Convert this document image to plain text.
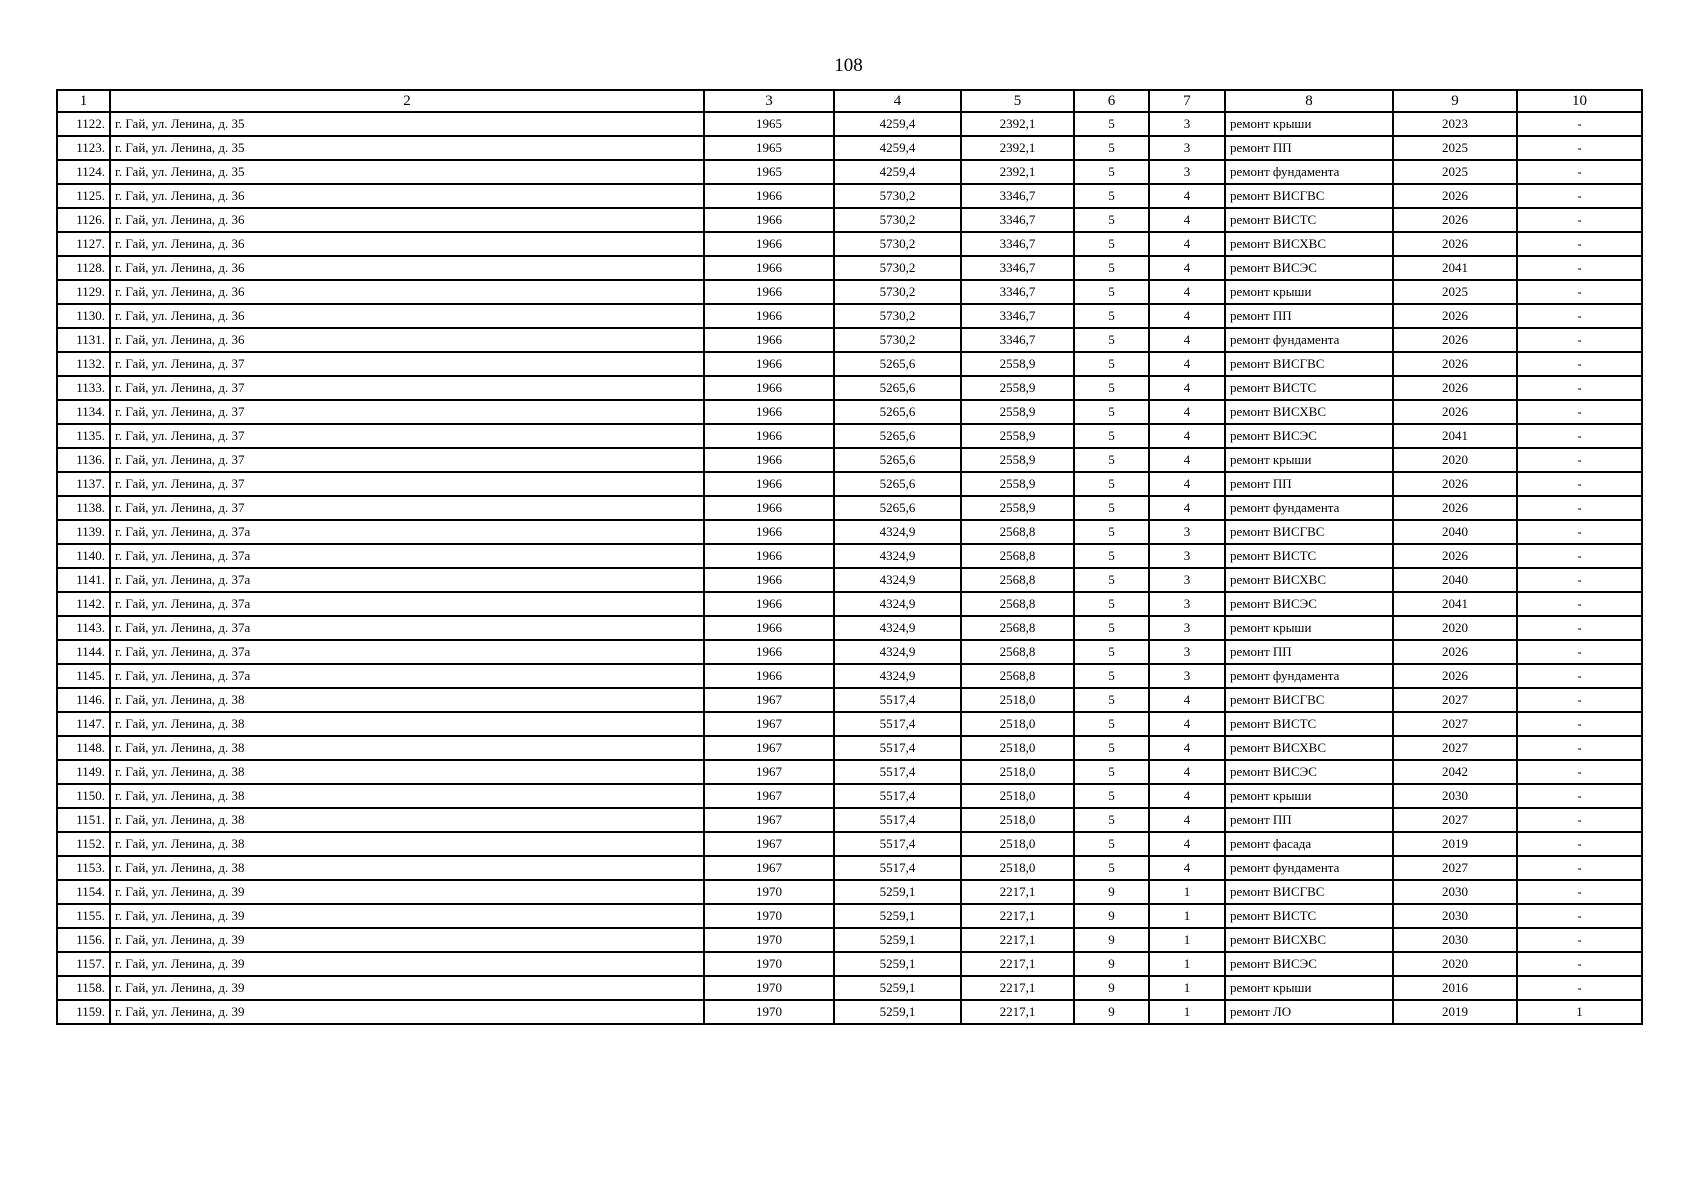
108
1	2	3	4	5	6	7	8	9	10
1122.	г. Гай, ул. Ленина, д. 35	1965	4259,4	2392,1	5	3	ремонт крыши	2023	-
1123.	г. Гай, ул. Ленина, д. 35	1965	4259,4	2392,1	5	3	ремонт ПП	2025	-
1124.	г. Гай, ул. Ленина, д. 35	1965	4259,4	2392,1	5	3	ремонт фундамента	2025	-
1125.	г. Гай, ул. Ленина, д. 36	1966	5730,2	3346,7	5	4	ремонт ВИСГВС	2026	-
1126.	г. Гай, ул. Ленина, д. 36	1966	5730,2	3346,7	5	4	ремонт ВИСТС	2026	-
1127.	г. Гай, ул. Ленина, д. 36	1966	5730,2	3346,7	5	4	ремонт ВИСХВС	2026	-
1128.	г. Гай, ул. Ленина, д. 36	1966	5730,2	3346,7	5	4	ремонт ВИСЭС	2041	-
1129.	г. Гай, ул. Ленина, д. 36	1966	5730,2	3346,7	5	4	ремонт крыши	2025	-
1130.	г. Гай, ул. Ленина, д. 36	1966	5730,2	3346,7	5	4	ремонт ПП	2026	-
1131.	г. Гай, ул. Ленина, д. 36	1966	5730,2	3346,7	5	4	ремонт фундамента	2026	-
1132.	г. Гай, ул. Ленина, д. 37	1966	5265,6	2558,9	5	4	ремонт ВИСГВС	2026	-
1133.	г. Гай, ул. Ленина, д. 37	1966	5265,6	2558,9	5	4	ремонт ВИСТС	2026	-
1134.	г. Гай, ул. Ленина, д. 37	1966	5265,6	2558,9	5	4	ремонт ВИСХВС	2026	-
1135.	г. Гай, ул. Ленина, д. 37	1966	5265,6	2558,9	5	4	ремонт ВИСЭС	2041	-
1136.	г. Гай, ул. Ленина, д. 37	1966	5265,6	2558,9	5	4	ремонт крыши	2020	-
1137.	г. Гай, ул. Ленина, д. 37	1966	5265,6	2558,9	5	4	ремонт ПП	2026	-
1138.	г. Гай, ул. Ленина, д. 37	1966	5265,6	2558,9	5	4	ремонт фундамента	2026	-
1139.	г. Гай, ул. Ленина, д. 37а	1966	4324,9	2568,8	5	3	ремонт ВИСГВС	2040	-
1140.	г. Гай, ул. Ленина, д. 37а	1966	4324,9	2568,8	5	3	ремонт ВИСТС	2026	-
1141.	г. Гай, ул. Ленина, д. 37а	1966	4324,9	2568,8	5	3	ремонт ВИСХВС	2040	-
1142.	г. Гай, ул. Ленина, д. 37а	1966	4324,9	2568,8	5	3	ремонт ВИСЭС	2041	-
1143.	г. Гай, ул. Ленина, д. 37а	1966	4324,9	2568,8	5	3	ремонт крыши	2020	-
1144.	г. Гай, ул. Ленина, д. 37а	1966	4324,9	2568,8	5	3	ремонт ПП	2026	-
1145.	г. Гай, ул. Ленина, д. 37а	1966	4324,9	2568,8	5	3	ремонт фундамента	2026	-
1146.	г. Гай, ул. Ленина, д. 38	1967	5517,4	2518,0	5	4	ремонт ВИСГВС	2027	-
1147.	г. Гай, ул. Ленина, д. 38	1967	5517,4	2518,0	5	4	ремонт ВИСТС	2027	-
1148.	г. Гай, ул. Ленина, д. 38	1967	5517,4	2518,0	5	4	ремонт ВИСХВС	2027	-
1149.	г. Гай, ул. Ленина, д. 38	1967	5517,4	2518,0	5	4	ремонт ВИСЭС	2042	-
1150.	г. Гай, ул. Ленина, д. 38	1967	5517,4	2518,0	5	4	ремонт крыши	2030	-
1151.	г. Гай, ул. Ленина, д. 38	1967	5517,4	2518,0	5	4	ремонт ПП	2027	-
1152.	г. Гай, ул. Ленина, д. 38	1967	5517,4	2518,0	5	4	ремонт фасада	2019	-
1153.	г. Гай, ул. Ленина, д. 38	1967	5517,4	2518,0	5	4	ремонт фундамента	2027	-
1154.	г. Гай, ул. Ленина, д. 39	1970	5259,1	2217,1	9	1	ремонт ВИСГВС	2030	-
1155.	г. Гай, ул. Ленина, д. 39	1970	5259,1	2217,1	9	1	ремонт ВИСТС	2030	-
1156.	г. Гай, ул. Ленина, д. 39	1970	5259,1	2217,1	9	1	ремонт ВИСХВС	2030	-
1157.	г. Гай, ул. Ленина, д. 39	1970	5259,1	2217,1	9	1	ремонт ВИСЭС	2020	-
1158.	г. Гай, ул. Ленина, д. 39	1970	5259,1	2217,1	9	1	ремонт крыши	2016	-
1159.	г. Гай, ул. Ленина, д. 39	1970	5259,1	2217,1	9	1	ремонт ЛО	2019	1
